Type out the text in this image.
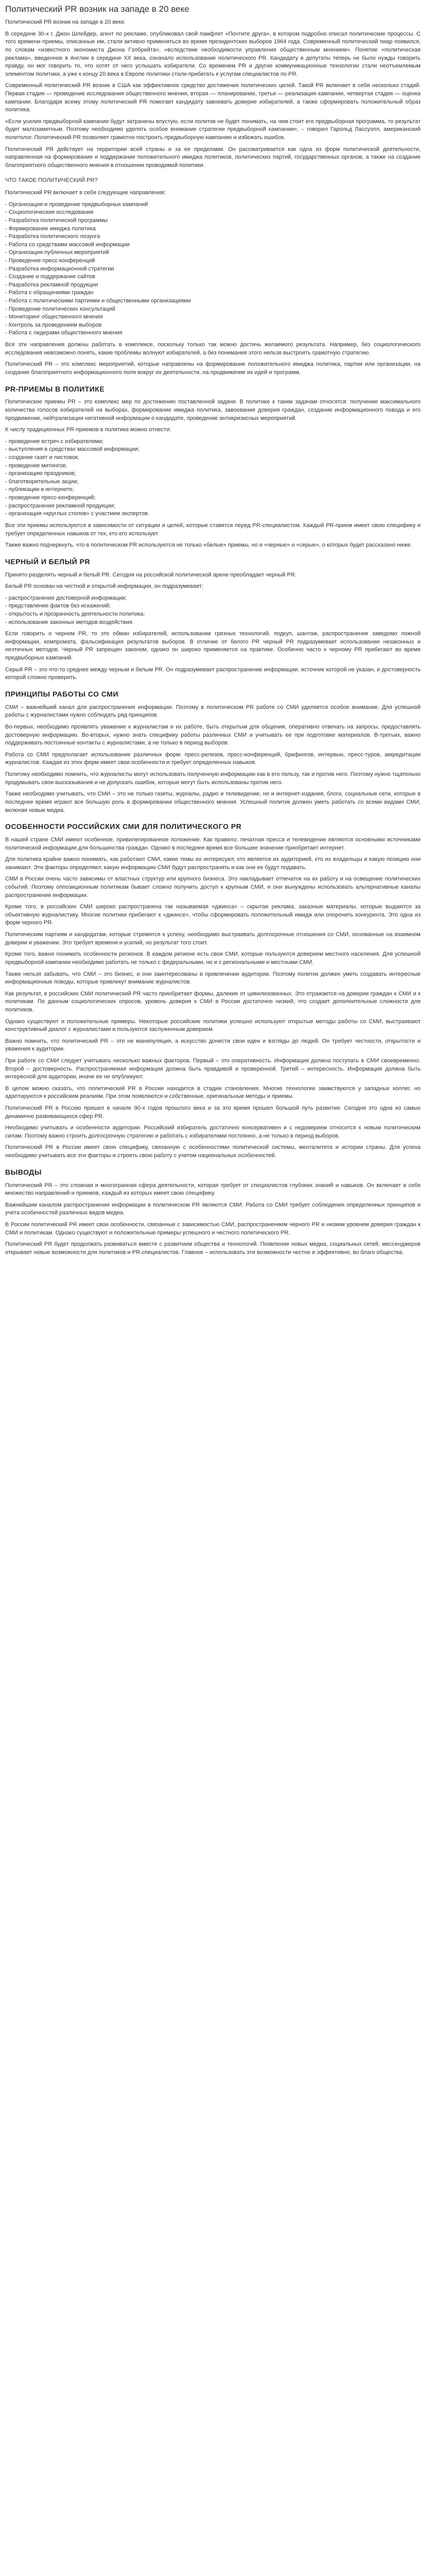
Политический PR возник на западе в 20 веке

Политический PR возник на западе в 20 веке.

В середине 30-х г. Джон Шлейдер, агент по рекламе, опубликовал свой памфлет «Почтите друга», в котором подробно описал политические процессы. С того времени приемы, описанные им, стали активно применяться во время президентских выборов 1964 года. Современный политический пиар появился, по словам «известного экономиста Джона Гэлбрейта», «вследствие необходимости управления общественным мнением». Понятие «политическая реклама», введенное в Англии в середине XX века, означало использование политического PR. Кандидату в депутаты теперь не было нужды говорить правду, он мог говорить то, что хотят от него услышать избиратели. Со временем PR и другие коммуникационные технологии стали неотъемлемым элементом политики, а уже к концу 20 века в Европе политики стали прибегать к услугам специалистов по PR.

Современный политический PR возник в США как эффективное средство достижения политических целей. Такой PR включает в себя несколько стадий. Первая стадия — проведение исследования общественного мнения, вторая — планирование, третья — реализация кампании, четвертая стадия — оценка кампании. Благодаря всему этому политический PR помогает кандидату завоевать доверие избирателей, а также сформировать положительный образ политика.

«Если усилия предвыборной кампании будут затрачены впустую, если политик не будет понимать, на чем стоит его предвыборная программа, то результат будет малозаметным. Поэтому необходимо уделять особое внимание стратегии предвыборной кампании», – говорил Гарольд Лассуэлл, американский политолог. Политический PR позволяет грамотно построить предвыборную кампанию и избежать ошибок.

Политический PR действует на территории всей страны и за ее пределами. Он рассматривается как одна из форм политической деятельности, направленная на формирование и поддержание положительного имиджа политиков, политических партий, государственных органов, а также на создание благоприятного общественного мнения в отношении проводимой политики.

ЧТО ТАКОЕ ПОЛИТИЧЕСКИЙ PR?

Политический PR включает в себя следующие направления:

- Организация и проведение предвыборных кампаний
- Социологические исследования
- Разработка политической программы
- Формирование имиджа политика
- Разработка политического лозунга
- Работа со средствами массовой информации
- Организация публичных мероприятий
- Проведение пресс-конференций
- Разработка информационной стратегии
- Создание и поддержание сайтов
- Разработка рекламной продукции
- Работа с обращениями граждан
- Работа с политическими партиями и общественными организациями
- Проведение политических консультаций
- Мониторинг общественного мнения
- Контроль за проведением выборов
- Работа с лидерами общественного мнения

Все эти направления должны работать в комплексе, поскольку только так можно достичь желаемого результата. Например, без социологического исследования невозможно понять, какие проблемы волнуют избирателей, а без понимания этого нельзя выстроить грамотную стратегию.

Политический PR – это комплекс мероприятий, которые направлены на формирование положительного имиджа политика, партии или организации, на создание благоприятного информационного поля вокруг их деятельности, на продвижение их идей и программ.

PR-ПРИЕМЫ В ПОЛИТИКЕ

Политические приемы PR – это комплекс мер по достижению поставленной задачи. В политике к таким задачам относятся: получение максимального количества голосов избирателей на выборах, формирование имиджа политика, завоевание доверия граждан, создание информационного повода и его продвижение, нейтрализация негативной информации о кандидате, проведение антикризисных мероприятий.

К числу традиционных PR-приемов в политике можно отнести:

- проведение встреч с избирателями;
- выступления в средствах массовой информации;
- создание газет и листовок;
- проведение митингов;
- организацию праздников;
- благотворительные акции;
- публикации в интернете;
- проведение пресс-конференций;
- распространение рекламной продукции;
- организация «круглых столов» с участием экспертов.

Все эти приемы используются в зависимости от ситуации и целей, которые ставятся перед PR-специалистом. Каждый PR-прием имеет свою специфику и требует определенных навыков от тех, кто его использует.

Также важно подчеркнуть, что в политическом PR используются не только «белые» приемы, но и «черные» и «серые», о которых будет рассказано ниже.

ЧЕРНЫЙ И БЕЛЫЙ PR

Принято разделять черный и белый PR. Сегодня на российской политической арене преобладает черный PR.

Белый PR основан на честной и открытой информации, он подразумевает:

- распространение достоверной информации;
- представление фактов без искажений;
- открытость и прозрачность деятельности политика;
- использование законных методов воздействия.

Если говорить о черном PR, то это обман избирателей, использование грязных технологий, подкуп, шантаж, распространение заведомо ложной информации, компромата, фальсификация результатов выборов. В отличие от белого PR черный PR подразумевает использование незаконных и неэтичных методов. Черный PR запрещен законом, однако он широко применяется на практике. Особенно часто к черному PR прибегают во время предвыборных кампаний.

Серый PR – это что-то среднее между черным и белым PR. Он подразумевает распространение информации, источник которой не указан, и достоверность которой сложно проверить.

ПРИНЦИПЫ РАБОТЫ СО СМИ

СМИ – важнейший канал для распространения информации. Поэтому в политическом PR работе со СМИ уделяется особое внимание. Для успешной работы с журналистами нужно соблюдать ряд принципов.

Во-первых, необходимо проявлять уважение к журналистам и их работе, быть открытым для общения, оперативно отвечать на запросы, предоставлять достоверную информацию. Во-вторых, нужно знать специфику работы различных СМИ и учитывать ее при подготовке материалов. В-третьих, важно поддерживать постоянные контакты с журналистами, а не только в период выборов.

Работа со СМИ предполагает использование различных форм: пресс-релизов, пресс-конференций, брифингов, интервью, пресс-туров, аккредитации журналистов. Каждая из этих форм имеет свои особенности и требует определенных навыков.

Политику необходимо помнить, что журналисты могут использовать полученную информацию как в его пользу, так и против него. Поэтому нужно тщательно продумывать свои высказывания и не допускать ошибок, которые могут быть использованы против него.

Также необходимо учитывать, что СМИ – это не только газеты, журналы, радио и телевидение, но и интернет-издания, блоги, социальные сети, которые в последнее время играют все большую роль в формировании общественного мнения. Успешный политик должен уметь работать со всеми видами СМИ, включая новые медиа.

ОСОБЕННОСТИ РОССИЙСКИХ СМИ ДЛЯ ПОЛИТИЧЕСКОГО PR

В нашей стране СМИ имеют особенное, привилегированное положение. Как правило, печатная пресса и телевидение являются основными источниками политической информации для большинства граждан. Однако в последнее время все большее значение приобретает интернет.

Для политика крайне важно понимать, как работают СМИ, какие темы их интересуют, кто является их аудиторией, кто их владельцы и какую позицию они занимают. Эти факторы определяют, какую информацию СМИ будут распространять и как они ее будут подавать.

СМИ в России очень часто зависимы от властных структур или крупного бизнеса. Это накладывает отпечаток на их работу и на освещение политических событий. Поэтому оппозиционным политикам бывает сложно получить доступ к крупным СМИ, и они вынуждены использовать альтернативные каналы распространения информации.

Кроме того, в российских СМИ широко распространена так называемая «джинса» – скрытая реклама, заказные материалы, которые выдаются за объективную журналистику. Многие политики прибегают к «джинсе», чтобы сформировать положительный имидж или опорочить конкурента. Это одна из форм черного PR.

Политическим партиям и кандидатам, которые стремятся к успеху, необходимо выстраивать долгосрочные отношения со СМИ, основанные на взаимном доверии и уважении. Это требует времени и усилий, но результат того стоит.

Кроме того, важно понимать особенности регионов. В каждом регионе есть свои СМИ, которые пользуются доверием местного населения. Для успешной предвыборной кампании необходимо работать не только с федеральными, но и с региональными и местными СМИ.

Также нельзя забывать, что СМИ – это бизнес, и они заинтересованы в привлечении аудитории. Поэтому политик должен уметь создавать интересные информационные поводы, которые привлекут внимание журналистов.

Как результат, в российских СМИ политический PR часто приобретает формы, далекие от цивилизованных. Это отражается на доверии граждан к СМИ и к политикам. По данным социологических опросов, уровень доверия к СМИ в России достаточно низкий, что создает дополнительные сложности для политиков.

Однако существуют и положительные примеры. Некоторые российские политики успешно используют открытые методы работы со СМИ, выстраивают конструктивный диалог с журналистами и пользуются заслуженным доверием.

Важно помнить, что политический PR – это не манипуляция, а искусство донести свои идеи и взгляды до людей. Он требует честности, открытости и уважения к аудитории.

При работе со СМИ следует учитывать несколько важных факторов. Первый – это оперативность. Информация должна поступать в СМИ своевременно. Второй – достоверность. Распространяемая информация должна быть правдивой и проверенной. Третий – интересность. Информация должна быть интересной для аудитории, иначе ее не опубликуют.

В целом можно сказать, что политический PR в России находится в стадии становления. Многие технологии заимствуются у западных коллег, но адаптируются к российским реалиям. При этом появляются и собственные, оригинальные методы и приемы.

Политический PR в Россию пришел в начале 90-х годов прошлого века и за это время прошел большой путь развития. Сегодня это одна из самых динамично развивающихся сфер PR.

Необходимо учитывать и особенности аудитории. Российский избиратель достаточно консервативен и с недоверием относится к новым политическим силам. Поэтому важно строить долгосрочную стратегию и работать с избирателями постоянно, а не только в период выборов.

Политический PR в России имеет свою специфику, связанную с особенностями политической системы, менталитета и истории страны. Для успеха необходимо учитывать все эти факторы и строить свою работу с учетом национальных особенностей.

ВЫВОДЫ

Политический PR – это сложная и многогранная сфера деятельности, которая требует от специалистов глубоких знаний и навыков. Он включает в себя множество направлений и приемов, каждый из которых имеет свою специфику.

Важнейшим каналом распространения информации в политическом PR являются СМИ. Работа со СМИ требует соблюдения определенных принципов и учета особенностей различных видов медиа.

В России политический PR имеет свои особенности, связанные с зависимостью СМИ, распространением черного PR и низким уровнем доверия граждан к СМИ и политикам. Однако существуют и положительные примеры успешного и честного политического PR.

Политический PR будет продолжать развиваться вместе с развитием общества и технологий. Появление новых медиа, социальных сетей, мессенджеров открывает новые возможности для политиков и PR-специалистов. Главное – использовать эти возможности честно и эффективно, во благо общества.
